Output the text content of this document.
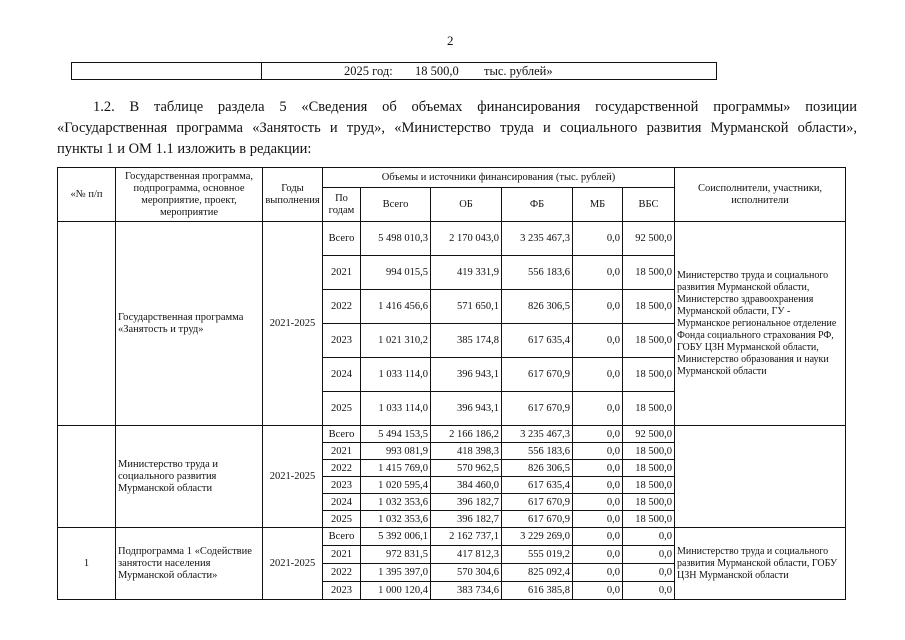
2
2025 год: 18 500,0 тыс. рублей»
1.2. В таблице раздела 5 «Сведения об объемах финансирования государственной программы» позиции
«Государственная программа «Занятость и труд», «Министерство труда и социального развития Мурманской области»,
пункты 1 и ОМ 1.1 изложить в редакции:
«№ п/п	Государственная программа, подпрограмма, основное мероприятие, проект, мероприятие	Годы выполнения	Объемы и источники финансирования (тыс. рублей)						Соисполнители, участники, исполнители
			По годам	Всего	ОБ	ФБ	МБ	ВБС	
	Государственная программа «Занятость и труд»	2021-2025	Всего	5 498 010,3	2 170 043,0	3 235 467,3	0,0	92 500,0	Министерство труда и социального развития Мурманской области, Министерство здравоохранения Мурманской области, ГУ - Мурманское региональное отделение Фонда социального страхования РФ, ГОБУ ЦЗН Мурманской области, Министерство образования и науки Мурманской области
			2021	994 015,5	419 331,9	556 183,6	0,0	18 500,0	
			2022	1 416 456,6	571 650,1	826 306,5	0,0	18 500,0	
			2023	1 021 310,2	385 174,8	617 635,4	0,0	18 500,0	
			2024	1 033 114,0	396 943,1	617 670,9	0,0	18 500,0	
			2025	1 033 114,0	396 943,1	617 670,9	0,0	18 500,0	
	Министерство труда и социального развития Мурманской области	2021-2025	Всего	5 494 153,5	2 166 186,2	3 235 467,3	0,0	92 500,0	
			2021	993 081,9	418 398,3	556 183,6	0,0	18 500,0	
			2022	1 415 769,0	570 962,5	826 306,5	0,0	18 500,0	
			2023	1 020 595,4	384 460,0	617 635,4	0,0	18 500,0	
			2024	1 032 353,6	396 182,7	617 670,9	0,0	18 500,0	
			2025	1 032 353,6	396 182,7	617 670,9	0,0	18 500,0	
1	Подпрограмма 1 «Содействие занятости населения Мурманской области»	2021-2025	Всего	5 392 006,1	2 162 737,1	3 229 269,0	0,0	0,0	Министерство труда и социального развития Мурманской области, ГОБУ ЦЗН Мурманской области
			2021	972 831,5	417 812,3	555 019,2	0,0	0,0	
			2022	1 395 397,0	570 304,6	825 092,4	0,0	0,0	
			2023	1 000 120,4	383 734,6	616 385,8	0,0	0,0	
